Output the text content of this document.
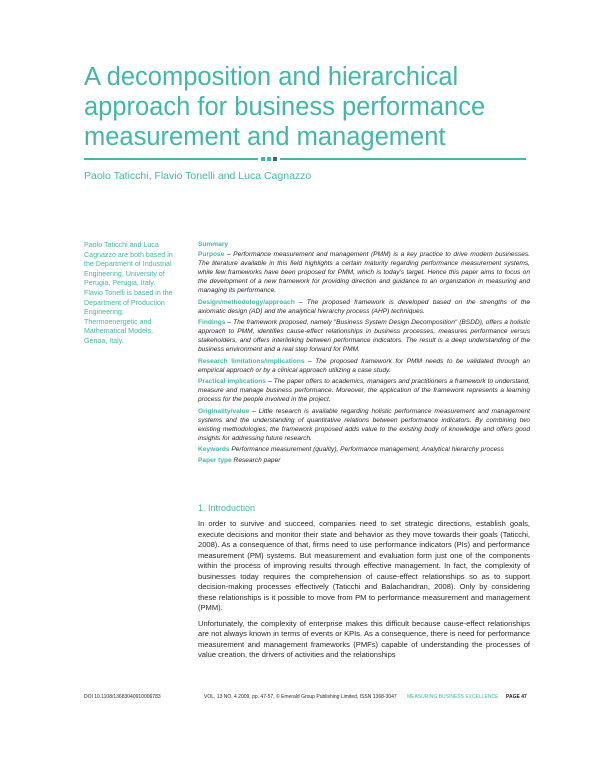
A decomposition and hierarchical approach for business performance measurement and management
Paolo Taticchi, Flavio Tonelli and Luca Cagnazzo
Paolo Taticchi and Luca Cagnazzo are both based in the Department of Industrial Engineering, University of Perugia, Perugia, Italy. Flavio Tonelli is based in the Department of Production Engineering, Thermoenergetic and Mathematical Models, Genoa, Italy.
Summary

Purpose – Performance measurement and management (PMM) is a key practice to drive modern businesses. The literature available in this field highlights a certain maturity regarding performance measurement systems, while few frameworks have been proposed for PMM, which is today's target. Hence this paper aims to focus on the development of a new framework for providing direction and guidance to an organization in measuring and managing its performance.

Design/methodology/approach – The proposed framework is developed based on the strengths of the axiomatic design (AD) and the analytical hierarchy process (AHP) techniques.

Findings – The framework proposed, namely "Business System Design Decomposition" (BSDD), offers a holistic approach to PMM, identifies cause-effect relationships in business processes, measures performance versus stakeholders, and offers interlinking between performance indicators. The result is a deep understanding of the business environment and a real step forward for PMM.

Research limitations/implications – The proposed framework for PMM needs to be validated through an empirical approach or by a clinical approach utilizing a case study.

Practical implications – The paper offers to academics, managers and practitioners a framework to understand, measure and manage business performance. Moreover, the application of the framework represents a learning process for the people involved in the project.

Originality/value – Little research is available regarding holistic performance measurement and management systems and the understanding of quantitative relations between performance indicators. By combining two existing methodologies, the framework proposed adds value to the existing body of knowledge and offers good insights for addressing future research.

Keywords Performance measurement (quality), Performance management, Analytical hierarchy process

Paper type Research paper

1. Introduction

In order to survive and succeed, companies need to set strategic directions, establish goals, execute decisions and monitor their state and behavior as they move towards their goals (Taticchi, 2008). As a consequence of that, firms need to use performance indicators (PIs) and performance measurement (PM) systems. But measurement and evaluation form just one of the components within the process of improving results through effective management. In fact, the complexity of businesses today requires the comprehension of cause-effect relationships so as to support decision-making processes effectively (Taticchi and Balachandran, 2008). Only by considering these relationships is it possible to move from PM to performance measurement and management (PMM).

Unfortunately, the complexity of enterprise makes this difficult because cause-effect relationships are not always known in terms of events or KPIs. As a consequence, there is need for performance measurement and management frameworks (PMFs) capable of understanding the processes of value creation, the drivers of activities and the relationships

DOI 10.1108/13683040910006783	VOL. 13 NO. 4 2009, pp. 47-57, © Emerald Group Publishing Limited, ISSN 1368-3047 MEASURING BUSINESS EXCELLENCE PAGE 47
